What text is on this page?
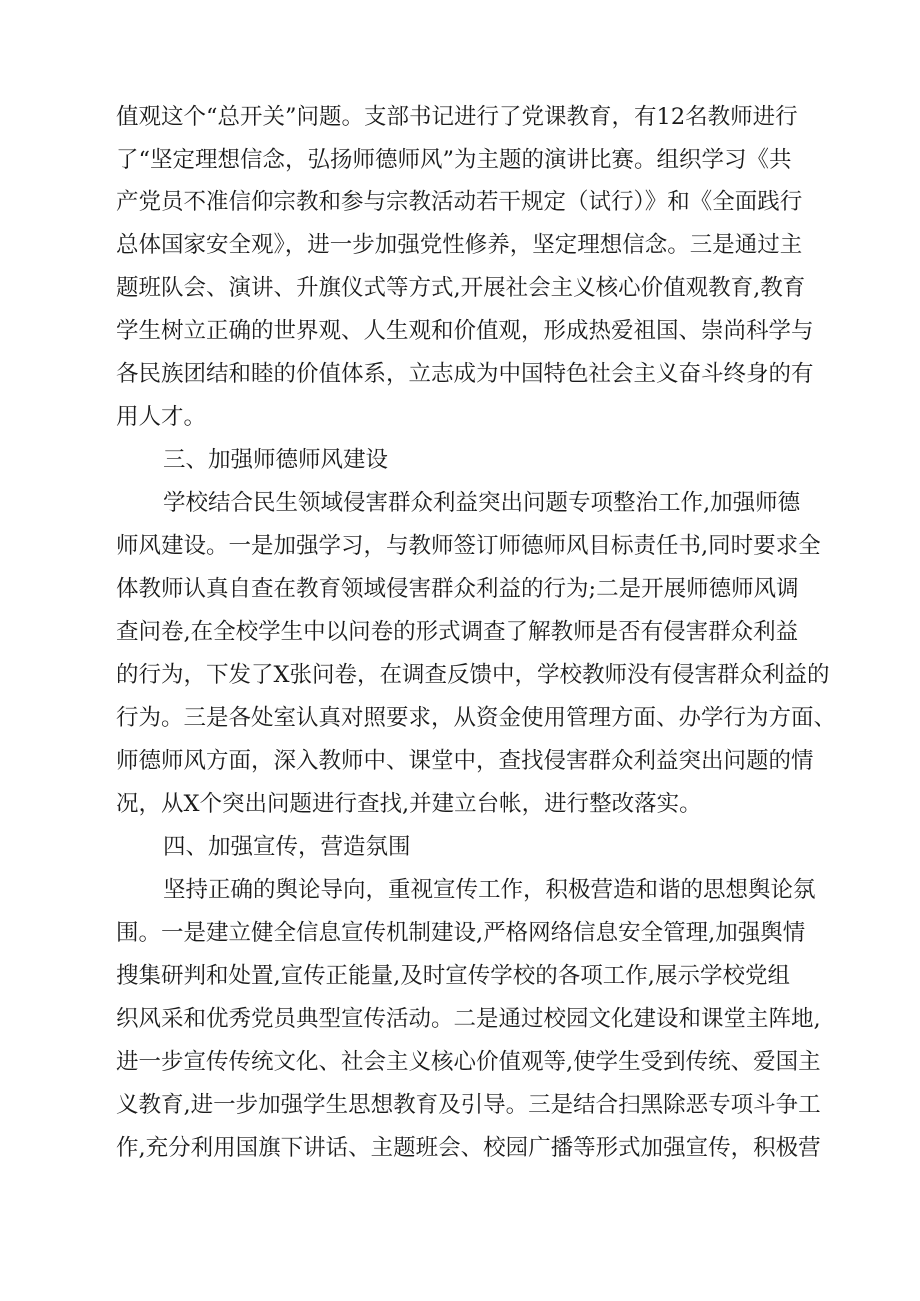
值观这个“总开关”问题。支部书记进行了党课教育，有12名教师进行
了“坚定理想信念，弘扬师德师风”为主题的演讲比赛。组织学习《共
产党员不准信仰宗教和参与宗教活动若干规定（试行）》和《全面践行
总体国家安全观》，进一步加强党性修养，坚定理想信念。三是通过主
题班队会、演讲、升旗仪式等方式,开展社会主义核心价值观教育,教育
学生树立正确的世界观、人生观和价值观，形成热爱祖国、崇尚科学与
各民族团结和睦的价值体系，立志成为中国特色社会主义奋斗终身的有
用人才。
三、加强师德师风建设
学校结合民生领域侵害群众利益突出问题专项整治工作,加强师德
师风建设。一是加强学习，与教师签订师德师风目标责任书,同时要求全
体教师认真自查在教育领域侵害群众利益的行为;二是开展师德师风调
查问卷,在全校学生中以问卷的形式调查了解教师是否有侵害群众利益
的行为，下发了X张问卷，在调查反馈中，学校教师没有侵害群众利益的
行为。三是各处室认真对照要求，从资金使用管理方面、办学行为方面、
师德师风方面，深入教师中、课堂中，查找侵害群众利益突出问题的情
况，从X个突出问题进行查找,并建立台帐，进行整改落实。
四、加强宣传，营造氛围
坚持正确的舆论导向，重视宣传工作，积极营造和谐的思想舆论氛
围。一是建立健全信息宣传机制建设,严格网络信息安全管理,加强舆情
搜集研判和处置,宣传正能量,及时宣传学校的各项工作,展示学校党组
织风采和优秀党员典型宣传活动。二是通过校园文化建设和课堂主阵地,
进一步宣传传统文化、社会主义核心价值观等,使学生受到传统、爱国主
义教育,进一步加强学生思想教育及引导。三是结合扫黑除恶专项斗争工
作,充分利用国旗下讲话、主题班会、校园广播等形式加强宣传，积极营
